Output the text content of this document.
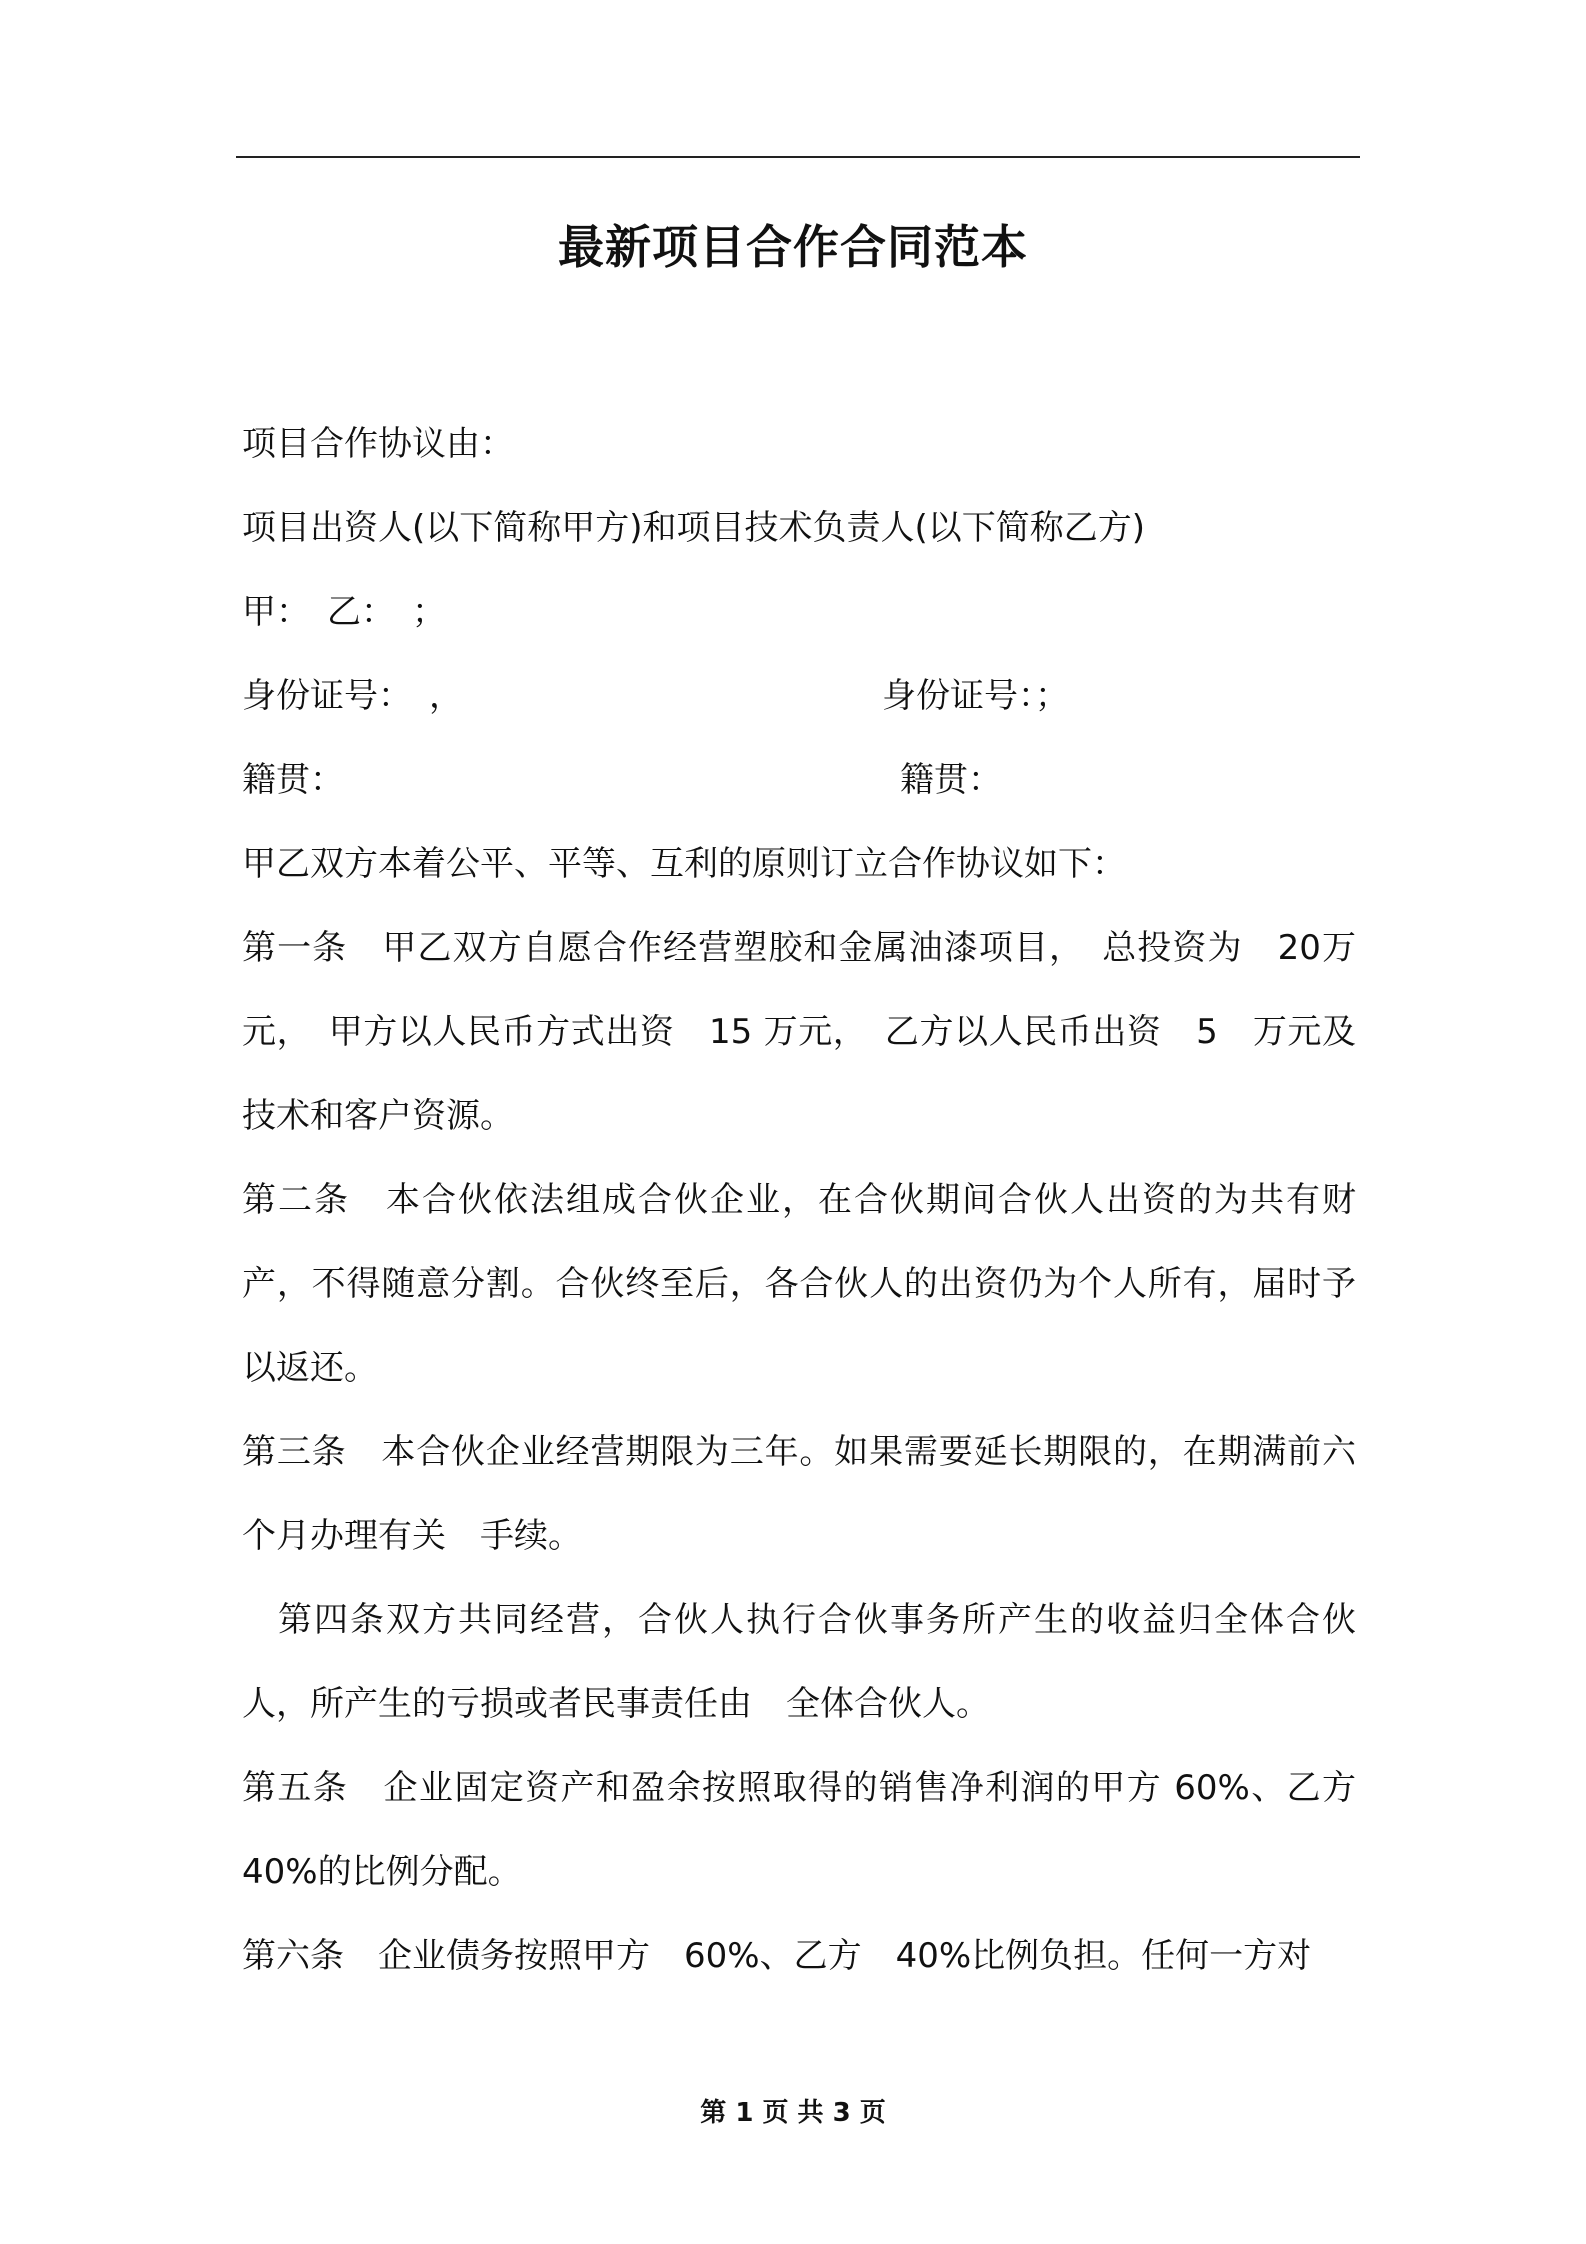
最新项目合作合同范本
项目合作协议由：
项目出资人(以下简称甲方)和项目技术负责人(以下简称乙方)
甲：　乙：　；
身份证号：　，	身份证号：；
籍贯：	籍贯：
甲乙双方本着公平、平等、互利的原则订立合作协议如下：
第一条　甲乙双方自愿合作经营塑胶和金属油漆项目，　总投资为　20万元，　甲方以人民币方式出资　15 万元，　乙方以人民币出资　5　万元及技术和客户资源。
第二条　本合伙依法组成合伙企业，在合伙期间合伙人出资的为共有财产，不得随意分割。合伙终至后，各合伙人的出资仍为个人所有，届时予以返还。
第三条　本合伙企业经营期限为三年。如果需要延长期限的，在期满前六个月办理有关　手续。
　第四条双方共同经营，合伙人执行合伙事务所产生的收益归全体合伙人，所产生的亏损或者民事责任由　全体合伙人。
第五条　企业固定资产和盈余按照取得的销售净利润的甲方 60%、乙方　40%的比例分配。
第六条　企业债务按照甲方　60%、乙方　40%比例负担。任何一方对
第 1 页 共 3 页
